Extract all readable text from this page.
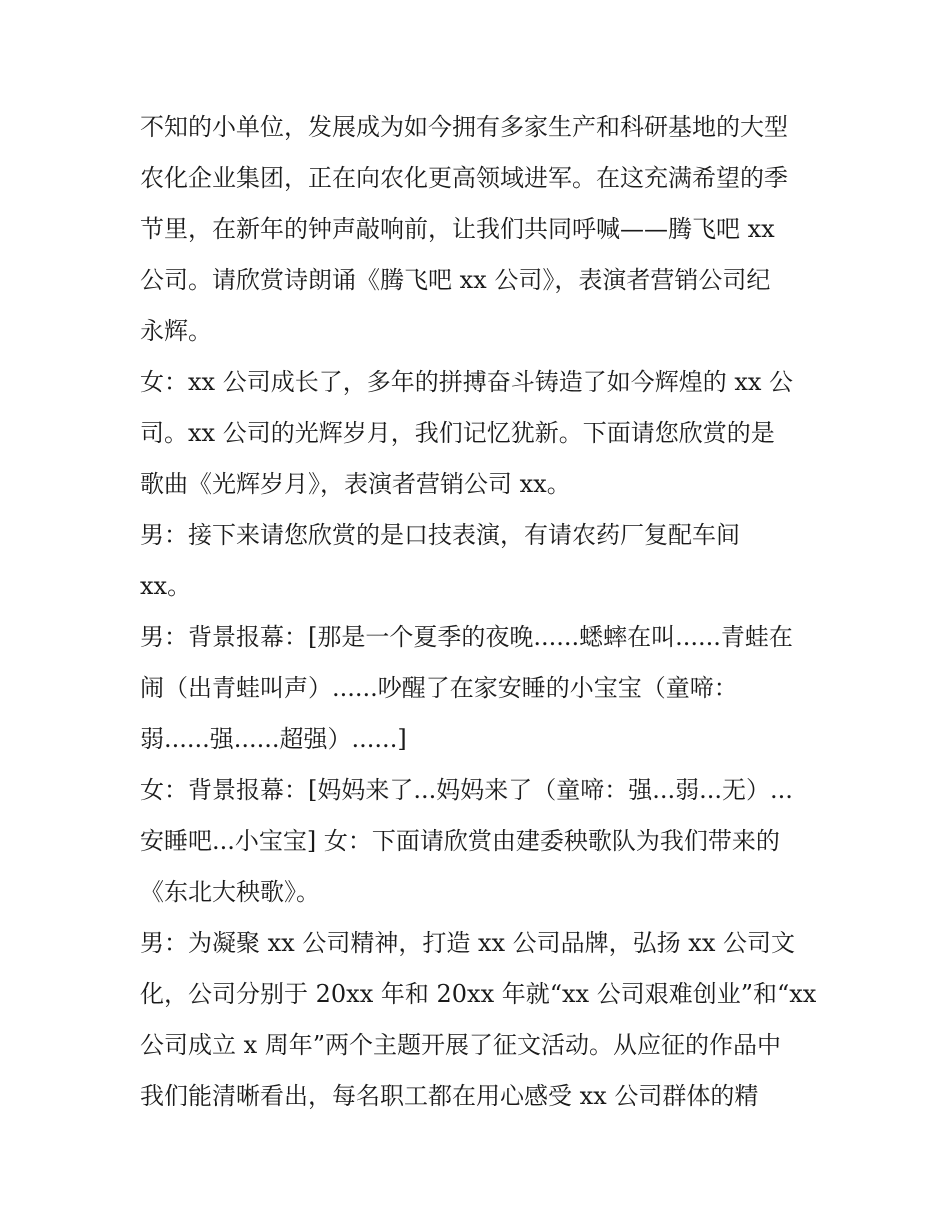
不知的小单位，发展成为如今拥有多家生产和科研基地的大型
农化企业集团，正在向农化更高领域进军。在这充满希望的季
节里，在新年的钟声敲响前，让我们共同呼喊——腾飞吧 xx
公司。请欣赏诗朗诵《腾飞吧 xx 公司》，表演者营销公司纪
永辉。
女：xx 公司成长了，多年的拼搏奋斗铸造了如今辉煌的 xx 公
司。xx 公司的光辉岁月，我们记忆犹新。下面请您欣赏的是
歌曲《光辉岁月》，表演者营销公司 xx。
男：接下来请您欣赏的是口技表演，有请农药厂复配车间
xx。
男：背景报幕：[那是一个夏季的夜晚......蟋蟀在叫......青蛙在
闹（出青蛙叫声）......吵醒了在家安睡的小宝宝（童啼：
弱......强......超强）......]
女：背景报幕：[妈妈来了...妈妈来了（童啼：强...弱...无）...
安睡吧...小宝宝] 女：下面请欣赏由建委秧歌队为我们带来的
《东北大秧歌》。
男：为凝聚 xx 公司精神，打造 xx 公司品牌，弘扬 xx 公司文
化，公司分别于 20xx 年和 20xx 年就“xx 公司艰难创业”和“xx
公司成立 x 周年”两个主题开展了征文活动。从应征的作品中
我们能清晰看出，每名职工都在用心感受 xx 公司群体的精
